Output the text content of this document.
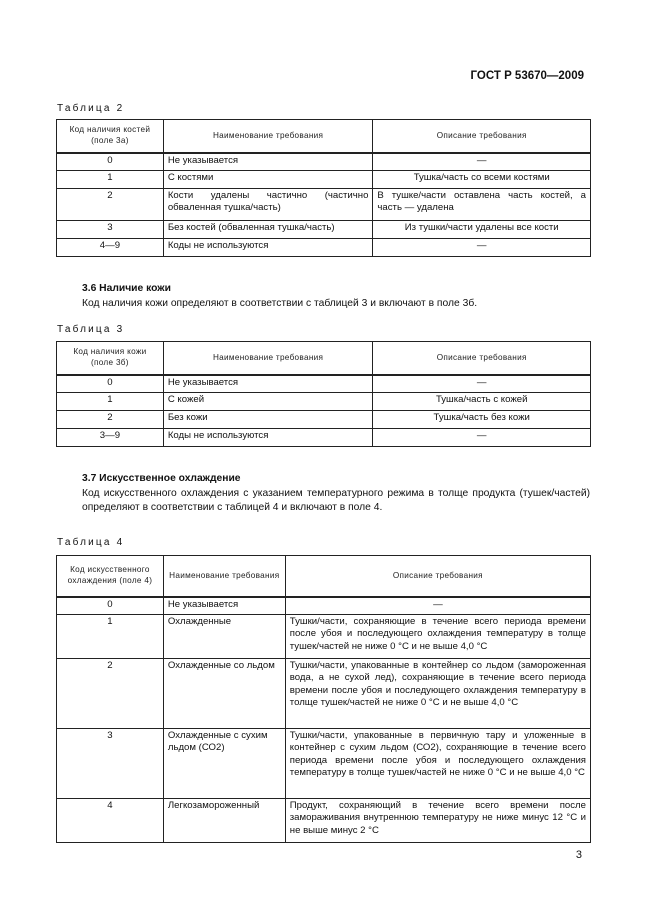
ГОСТ Р 53670—2009
Таблица 2
Код наличия костей (поле 3а)	Наименование требования	Описание требования
0	Не указывается	—
1	С костями	Тушка/часть со всеми костями
2	Кости удалены частично (частично обваленная тушка/часть)	В тушке/части оставлена часть костей, а часть — удалена
3	Без костей (обваленная тушка/часть)	Из тушки/части удалены все кости
4—9	Коды не используются	—
3.6 Наличие кожи

Код наличия кожи определяют в соответствии с таблицей 3 и включают в поле 3б.

Таблица 3
Код наличия кожи (поле 3б)	Наименование требования	Описание требования
0	Не указывается	—
1	С кожей	Тушка/часть с кожей
2	Без кожи	Тушка/часть без кожи
3—9	Коды не используются	—
3.7 Искусственное охлаждение

Код искусственного охлаждения с указанием температурного режима в толще продукта (тушек/частей) определяют в соответствии с таблицей 4 и включают в поле 4.

Таблица 4
Код искусственного охлаждения (поле 4)	Наименование требования	Описание требования
0	Не указывается	—
1	Охлажденные	Тушки/части, сохраняющие в течение всего периода времени после убоя и последующего охлаждения температуру в толще тушек/частей не ниже 0 °С и не выше 4,0 °С
2	Охлажденные со льдом	Тушки/части, упакованные в контейнер со льдом (замороженная вода, а не сухой лед), сохраняющие в течение всего периода времени после убоя и последующего охлаждения температуру в толще тушек/частей не ниже 0 °С и не выше 4,0 °С
3	Охлажденные с сухим льдом (СО2)	Тушки/части, упакованные в первичную тару и уложенные в контейнер с сухим льдом (СО2), сохраняющие в течение всего периода времени после убоя и последующего охлаждения температуру в толще тушек/частей не ниже 0 °С и не выше 4,0 °С
4	Легкозамороженный	Продукт, сохраняющий в течение всего времени после замораживания внутреннюю температуру не ниже минус 12 °С и не выше минус 2 °С
3
